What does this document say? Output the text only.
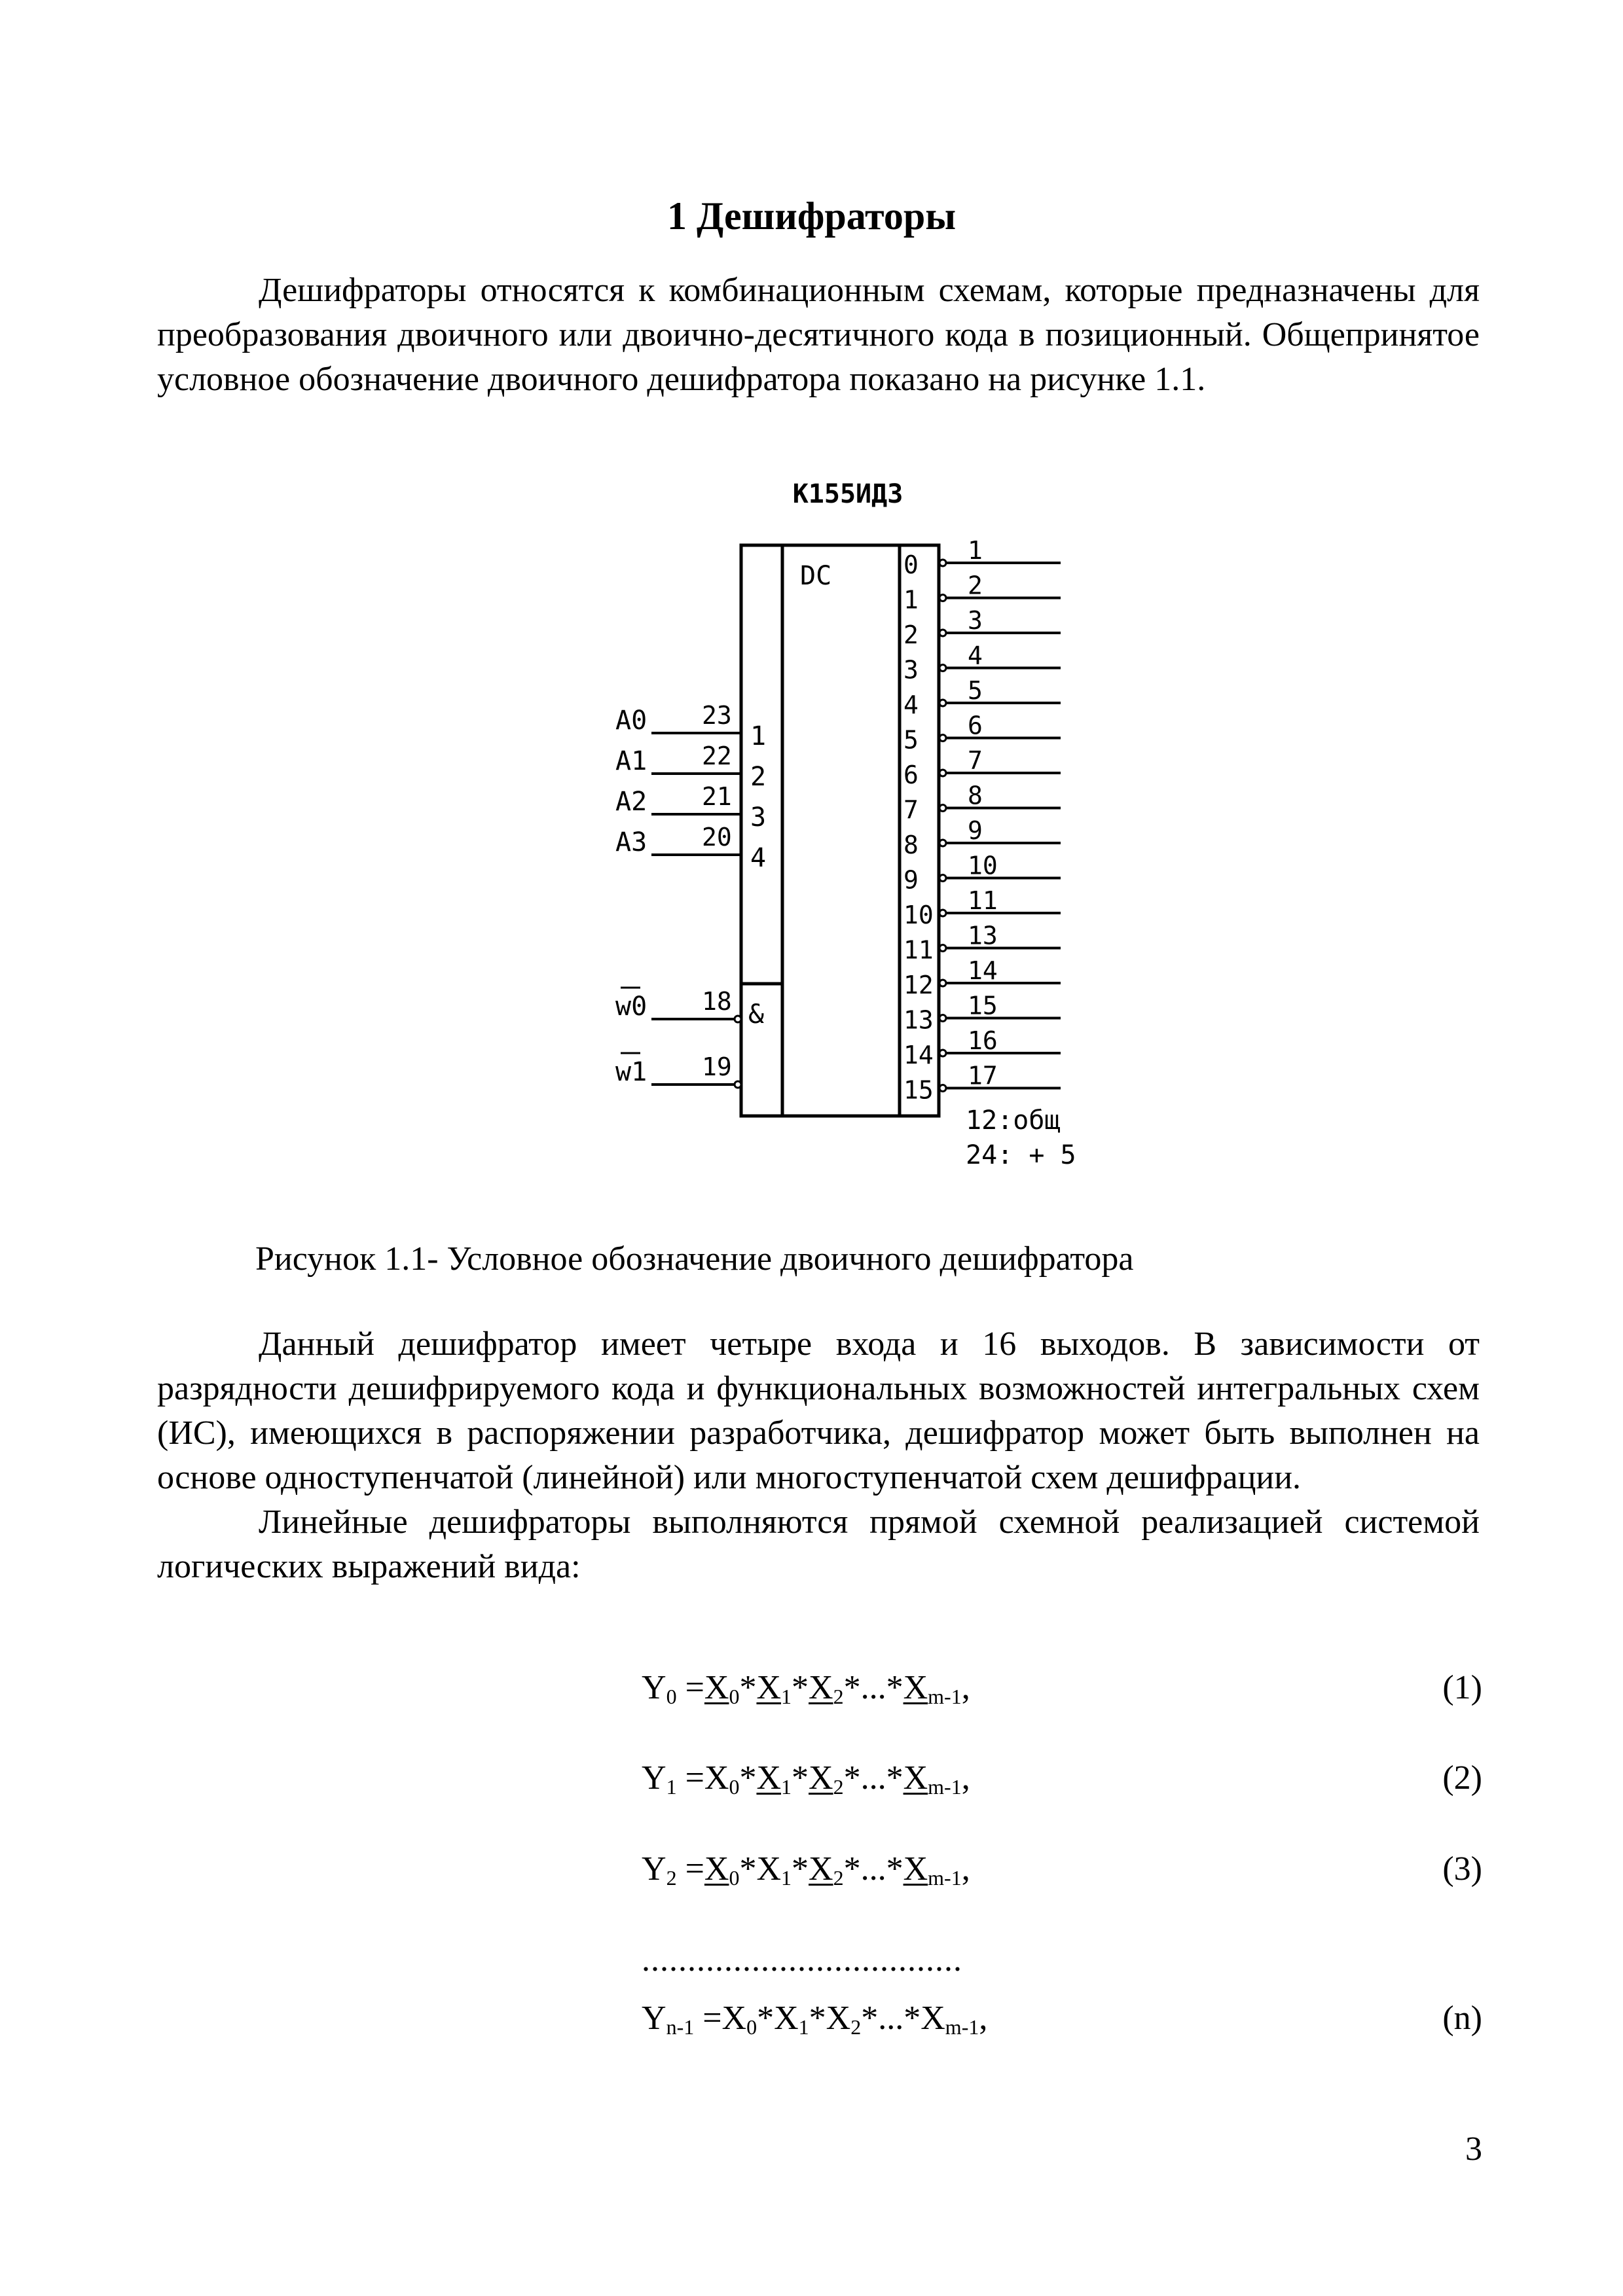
1 Дешифраторы

Дешифраторы относятся к комбинационным схемам, которые предназначены для преобразования двоичного или двоично-десятичного кода в позиционный. Общепринятое условное обозначение двоичного дешифратора показано на рисунке 1.1.

К155ИД3
DC
&
A0 23
1
A1 22
2
A2 21
3
A3 20
4
w0 18
w1 19
0 1
1 2
2 3
3 4
4 5
5 6
6 7
7 8
8 9
9 10
10 11
11 13
12 14
13 15
14 16
15 17
12:общ
24: + 5
Рисунок 1.1- Условное обозначение двоичного дешифратора

Данный дешифратор имеет четыре входа и 16 выходов. В зависимости от разрядности дешифрируемого кода и функциональных возможностей интегральных схем (ИС), имеющихся в распоряжении разработчика, дешифратор может быть выполнен на основе одноступенчатой (линейной) или многоступенчатой схем дешифрации.

Линейные дешифраторы выполняются прямой схемной реализацией системой логических выражений вида:

$Y_0 =X_0*X_1*X_2*...*X_{m-1}$,	(1)
$Y_1 =X_0*X_1*X_2*...*X_{m-1}$,	(2)
$Y_2 =X_0*X_1*X_2*...*X_{m-1}$,	(3)
$Y_{n-1} =X_0*X_1*X_2*...*X_{m-1}$,	(n)
...................................
3
